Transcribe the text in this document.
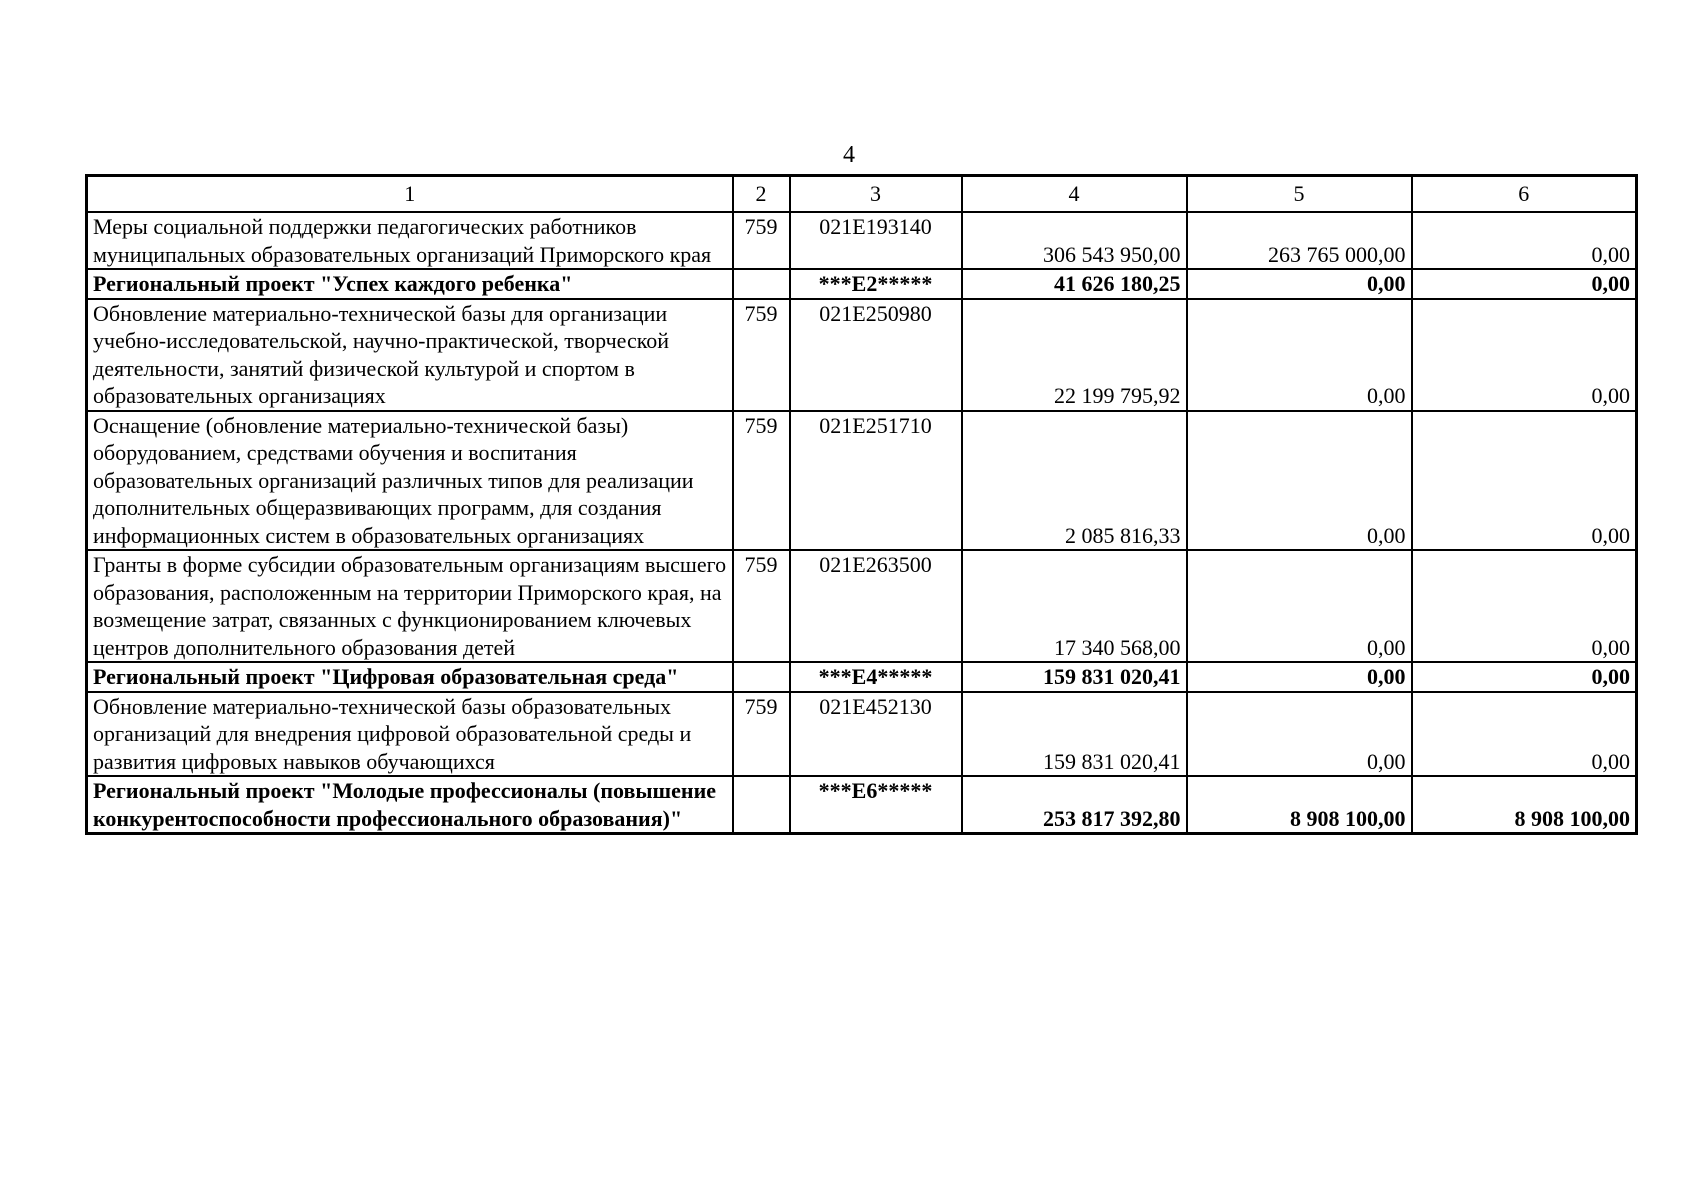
4
1	2	3	4	5	6
Меры социальной поддержки педагогических работников муниципальных образовательных организаций Приморского края	759	021E193140	306 543 950,00	263 765 000,00	0,00
Региональный проект "Успех каждого ребенка"		***E2*****	41 626 180,25	0,00	0,00
Обновление материально-технической базы для организации учебно-исследовательской, научно-практической, творческой деятельности, занятий физической культурой и спортом в образовательных организациях	759	021E250980	22 199 795,92	0,00	0,00
Оснащение (обновление материально-технической базы) оборудованием, средствами обучения и воспитания образовательных организаций различных типов для реализации дополнительных общеразвивающих программ, для создания информационных систем в образовательных организациях	759	021E251710	2 085 816,33	0,00	0,00
Гранты в форме субсидии образовательным организациям высшего образования, расположенным на территории Приморского края, на возмещение затрат, связанных с функционированием ключевых центров дополнительного образования детей	759	021E263500	17 340 568,00	0,00	0,00
Региональный проект "Цифровая образовательная среда"		***E4*****	159 831 020,41	0,00	0,00
Обновление материально-технической базы образовательных организаций для внедрения цифровой образовательной среды и развития цифровых навыков обучающихся	759	021E452130	159 831 020,41	0,00	0,00
Региональный проект "Молодые профессионалы (повышение конкурентоспособности профессионального образования)"		***E6*****	253 817 392,80	8 908 100,00	8 908 100,00
